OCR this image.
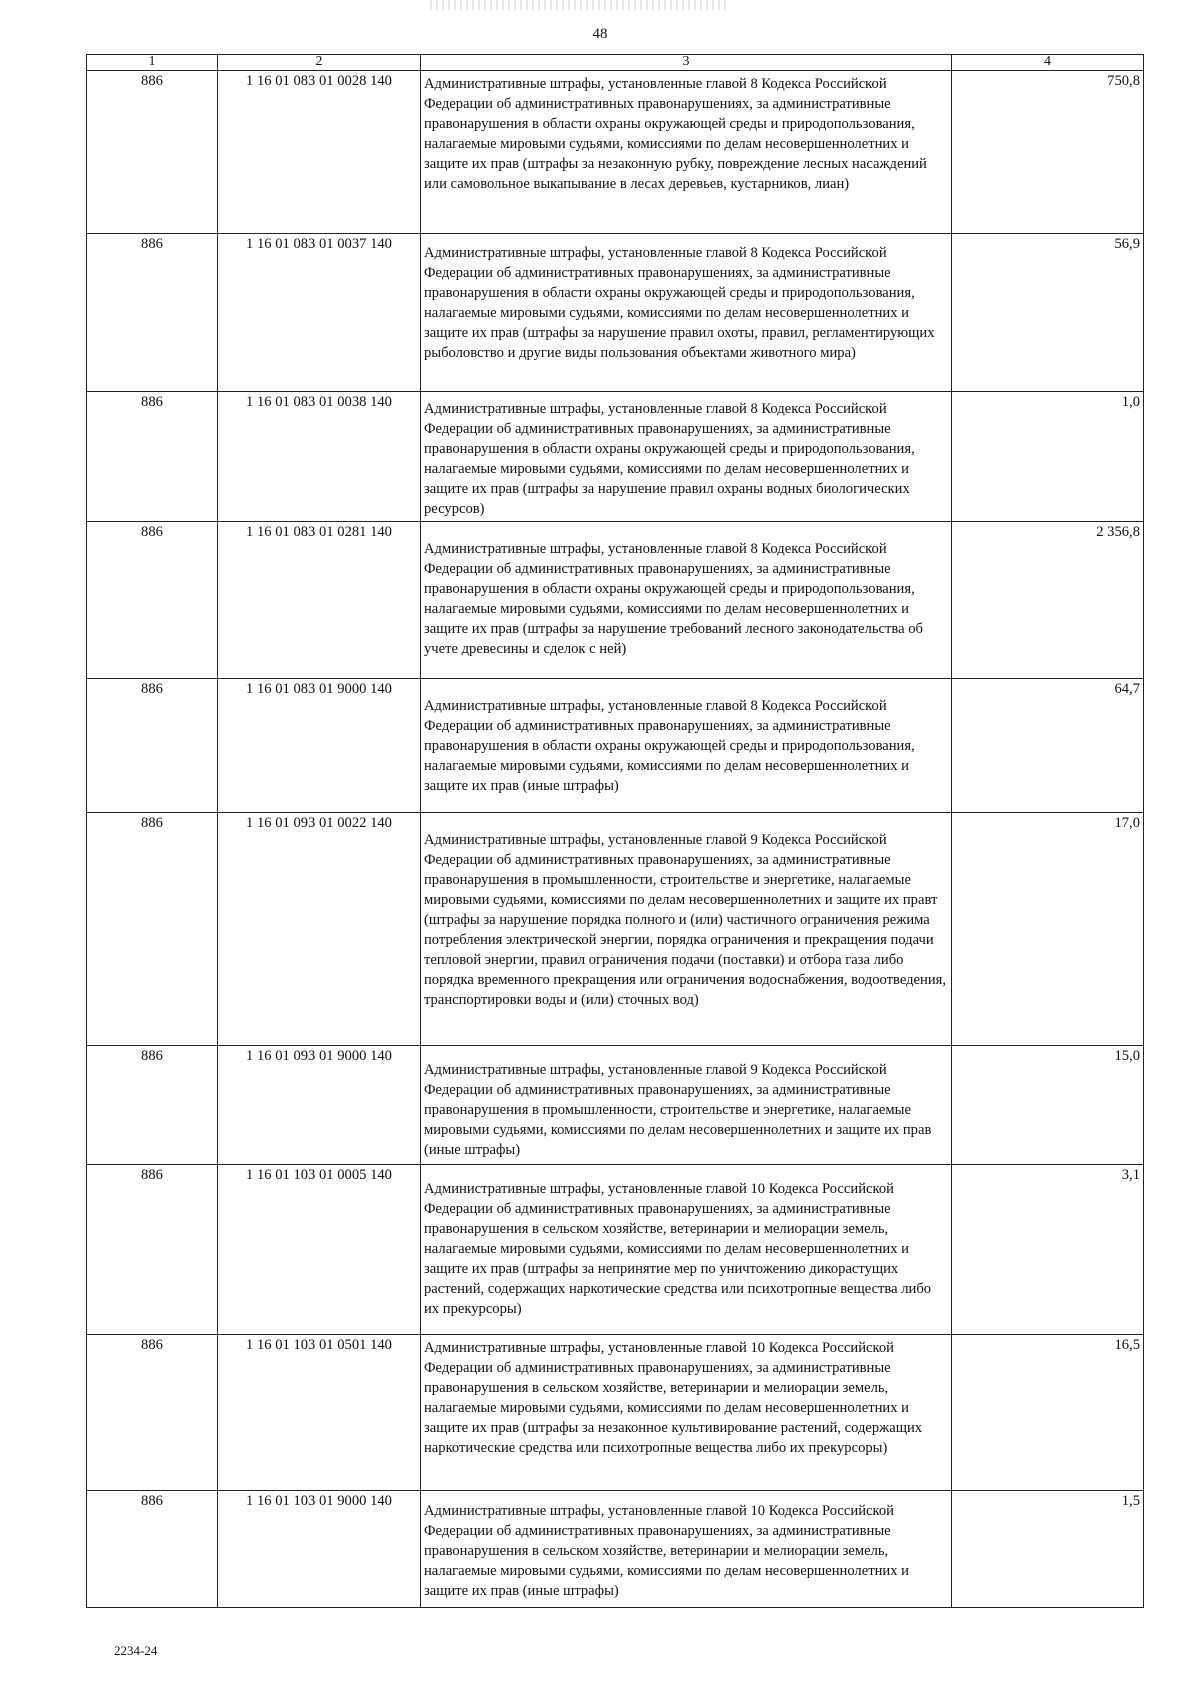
48
1	2	3	4
886	1 16 01 083 01 0028 140	Административные штрафы, установленные главой 8 Кодекса Российской Федерации об административных правонарушениях, за административные правонарушения в области охраны окружающей среды и природопользования, налагаемые мировыми судьями, комиссиями по делам несовершеннолетних и защите их прав (штрафы за незаконную рубку, повреждение лесных насаждений или самовольное выкапывание в лесах деревьев, кустарников, лиан)	750,8
886	1 16 01 083 01 0037 140	Административные штрафы, установленные главой 8 Кодекса Российской Федерации об административных правонарушениях, за административные правонарушения в области охраны окружающей среды и природопользования, налагаемые мировыми судьями, комиссиями по делам несовершеннолетних и защите их прав (штрафы за нарушение правил охоты, правил, регламентирующих рыболовство и другие виды пользования объектами животного мира)	56,9
886	1 16 01 083 01 0038 140	Административные штрафы, установленные главой 8 Кодекса Российской Федерации об административных правонарушениях, за административные правонарушения в области охраны окружающей среды и природопользования, налагаемые мировыми судьями, комиссиями по делам несовершеннолетних и защите их прав (штрафы за нарушение правил охраны водных биологических ресурсов)	1,0
886	1 16 01 083 01 0281 140	Административные штрафы, установленные главой 8 Кодекса Российской Федерации об административных правонарушениях, за административные правонарушения в области охраны окружающей среды и природопользования, налагаемые мировыми судьями, комиссиями по делам несовершеннолетних и защите их прав (штрафы за нарушение требований лесного законодательства об учете древесины и сделок с ней)	2 356,8
886	1 16 01 083 01 9000 140	Административные штрафы, установленные главой 8 Кодекса Российской Федерации об административных правонарушениях, за административные правонарушения в области охраны окружающей среды и природопользования, налагаемые мировыми судьями, комиссиями по делам несовершеннолетних и защите их прав (иные штрафы)	64,7
886	1 16 01 093 01 0022 140	Административные штрафы, установленные главой 9 Кодекса Российской Федерации об административных правонарушениях, за административные правонарушения в промышленности, строительстве и энергетике, налагаемые мировыми судьями, комиссиями по делам несовершеннолетних и защите их правт (штрафы за нарушение порядка полного и (или) частичного ограничения режима потребления электрической энергии, порядка ограничения и прекращения подачи тепловой энергии, правил ограничения подачи (поставки) и отбора газа либо порядка временного прекращения или ограничения водоснабжения, водоотведения, транспортировки воды и (или) сточных вод)	17,0
886	1 16 01 093 01 9000 140	Административные штрафы, установленные главой 9 Кодекса Российской Федерации об административных правонарушениях, за административные правонарушения в промышленности, строительстве и энергетике, налагаемые мировыми судьями, комиссиями по делам несовершеннолетних и защите их прав (иные штрафы)	15,0
886	1 16 01 103 01 0005 140	Административные штрафы, установленные главой 10 Кодекса Российской Федерации об административных правонарушениях, за административные правонарушения в сельском хозяйстве, ветеринарии и мелиорации земель, налагаемые мировыми судьями, комиссиями по делам несовершеннолетних и защите их прав (штрафы за непринятие мер по уничтожению дикорастущих растений, содержащих наркотические средства или психотропные вещества либо их прекурсоры)	3,1
886	1 16 01 103 01 0501 140	Административные штрафы, установленные главой 10 Кодекса Российской Федерации об административных правонарушениях, за административные правонарушения в сельском хозяйстве, ветеринарии и мелиорации земель, налагаемые мировыми судьями, комиссиями по делам несовершеннолетних и защите их прав (штрафы за незаконное культивирование растений, содержащих наркотические средства или психотропные вещества либо их прекурсоры)	16,5
886	1 16 01 103 01 9000 140	Административные штрафы, установленные главой 10 Кодекса Российской Федерации об административных правонарушениях, за административные правонарушения в сельском хозяйстве, ветеринарии и мелиорации земель, налагаемые мировыми судьями, комиссиями по делам несовершеннолетних и защите их прав (иные штрафы)	1,5
2234-24
